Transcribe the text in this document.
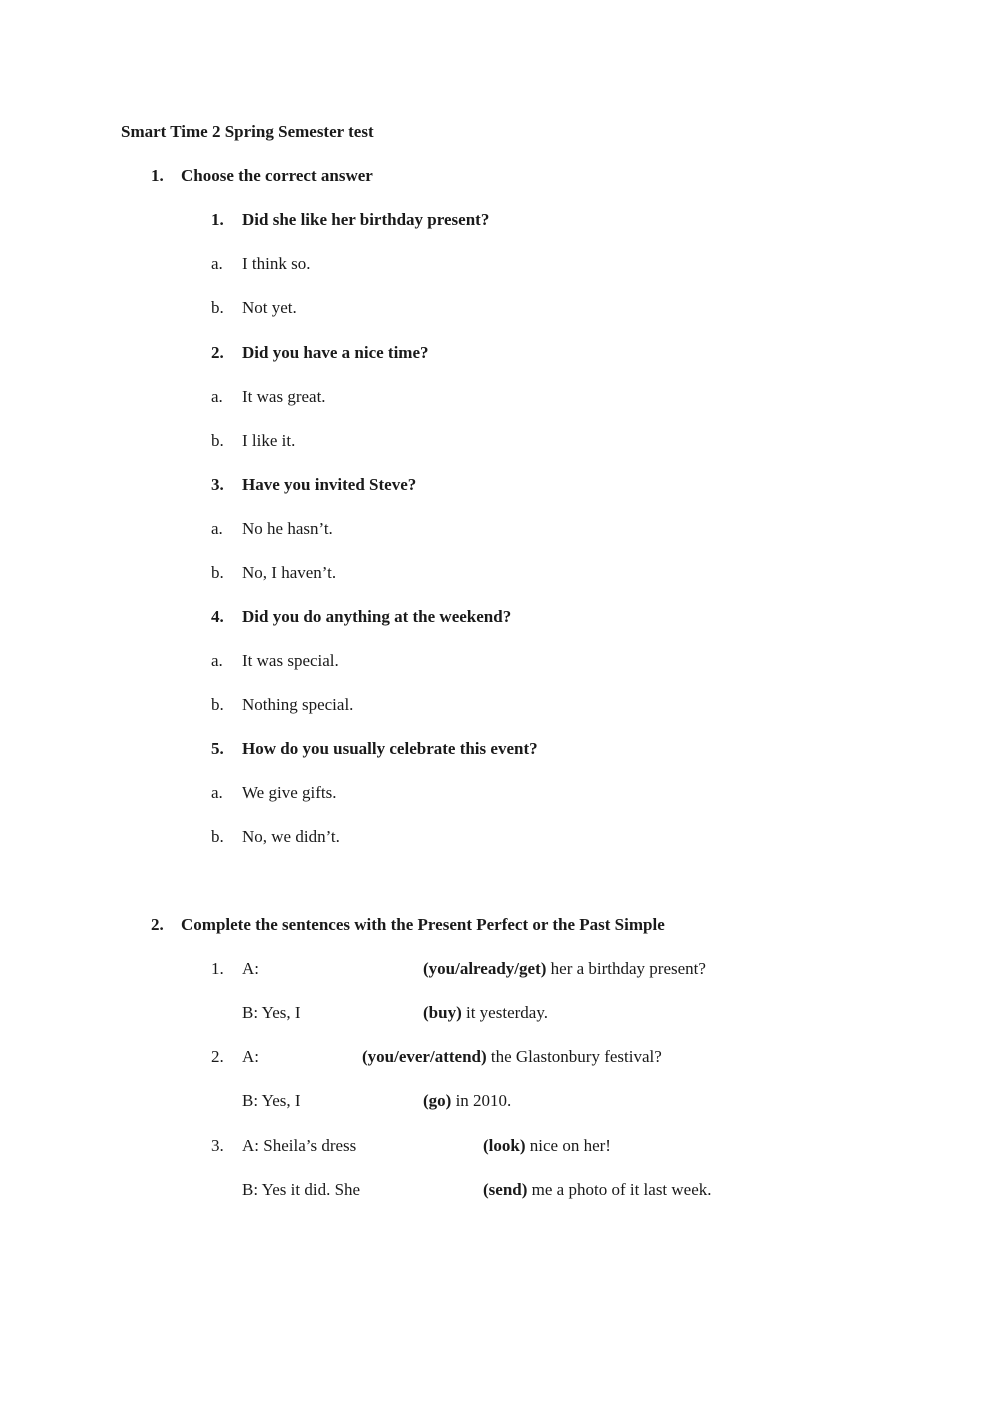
Smart Time 2 Spring Semester test
1. Choose the correct answer
1. Did she like her birthday present?
a. I think so.
b. Not yet.
2. Did you have a nice time?
a. It was great.
b. I like it.
3. Have you invited Steve?
a. No he hasn’t.
b. No, I haven’t.
4. Did you do anything at the weekend?
a. It was special.
b. Nothing special.
5. How do you usually celebrate this event?
a. We give gifts.
b. No, we didn’t.
2. Complete the sentences with the Present Perfect or the Past Simple
1. A:	(you/already/get) her a birthday present?
B: Yes, I	(buy) it yesterday.
2. A:	(you/ever/attend) the Glastonbury festival?
B: Yes, I	(go) in 2010.
3. A: Sheila’s dress	(look) nice on her!
B: Yes it did. She	(send) me a photo of it last week.
